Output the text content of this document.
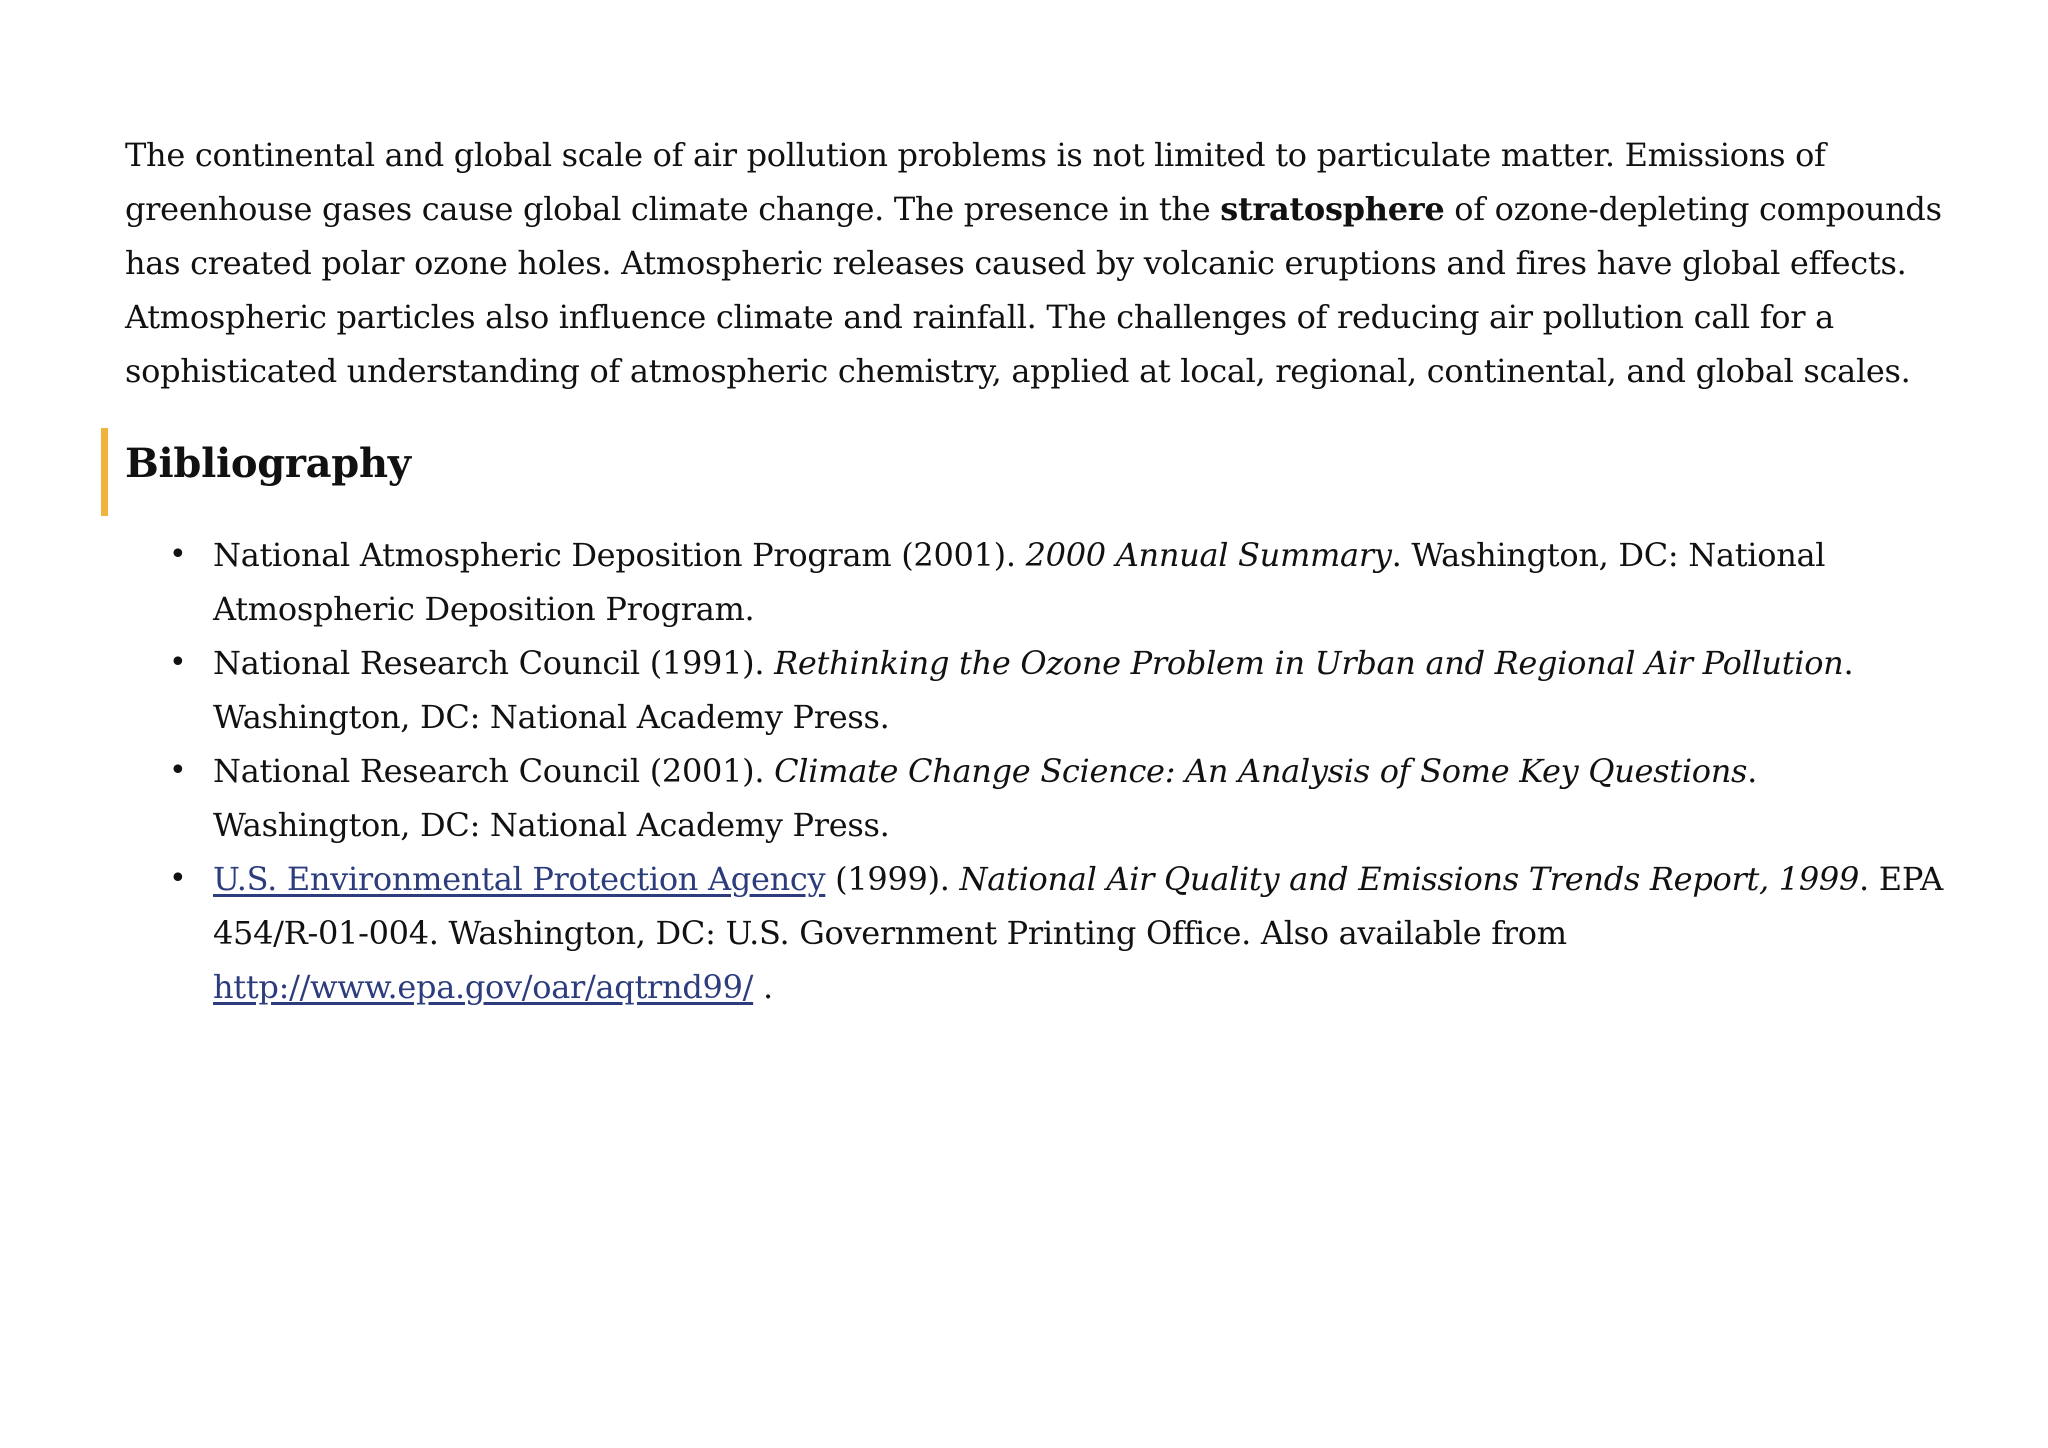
The continental and global scale of air pollution problems is not limited to particulate matter. Emissions of greenhouse gases cause global climate change. The presence in the stratosphere of ozone-depleting compounds has created polar ozone holes. Atmospheric releases caused by volcanic eruptions and fires have global effects. Atmospheric particles also influence climate and rainfall. The challenges of reducing air pollution call for a sophisticated understanding of atmospheric chemistry, applied at local, regional, continental, and global scales.

Bibliography
• National Atmospheric Deposition Program (2001). 2000 Annual Summary. Washington, DC: National Atmospheric Deposition Program.
• National Research Council (1991). Rethinking the Ozone Problem in Urban and Regional Air Pollution. Washington, DC: National Academy Press.
• National Research Council (2001). Climate Change Science: An Analysis of Some Key Questions. Washington, DC: National Academy Press.
• U.S. Environmental Protection Agency (1999). National Air Quality and Emissions Trends Report, 1999. EPA 454/R-01-004. Washington, DC: U.S. Government Printing Office. Also available from http://www.epa.gov/oar/aqtrnd99/ .
